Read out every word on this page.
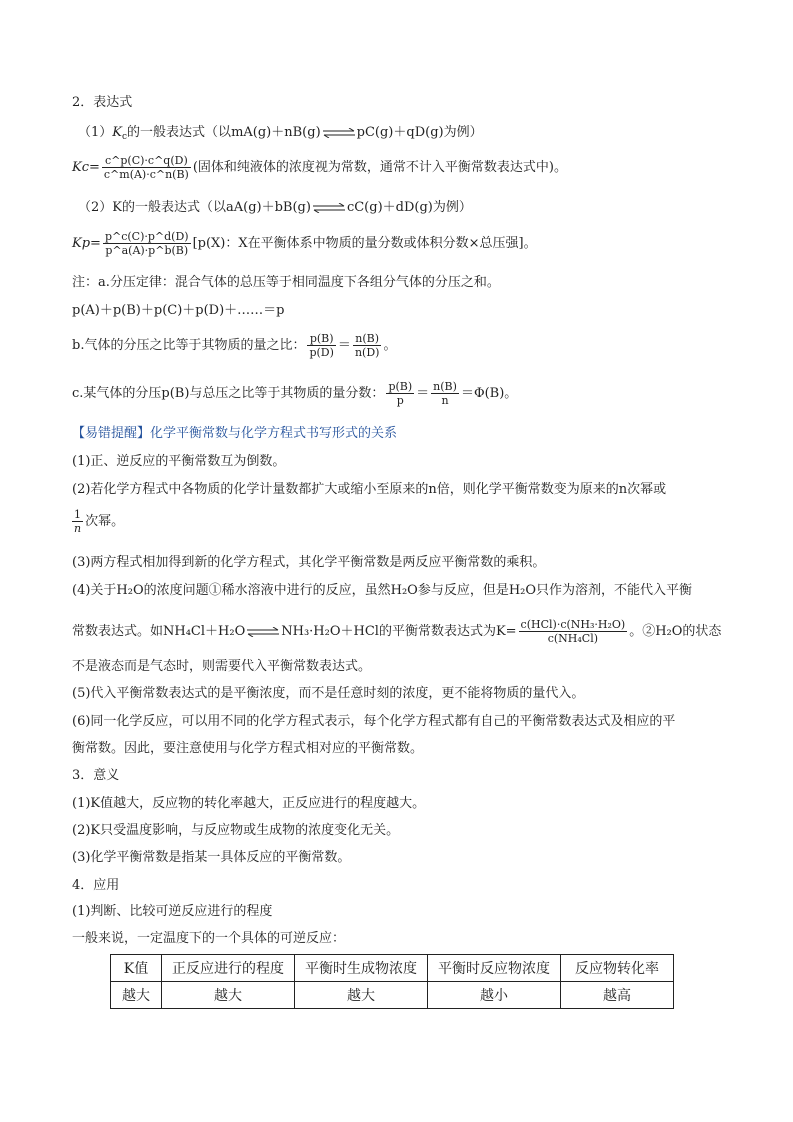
2．表达式
$(1)K_c$的一般表达式（以mA(g)＋nB(g)⇌pC(g)＋qD(g)为例）
$Kc= \frac{c\^{}p(C)\cdot c\^{}q(D)}{c\^{}m(A)\cdot c\^{}n(B)}$ (固体和纯液体的浓度视为常数，通常不计入平衡常数表达式中)。
（2）K的一般表达式（以aA(g)＋bB(g)⇌cC(g)＋dD(g)为例）
$Kp= \frac{p\^{}c(C)\cdot p\^{}d(D)}{p\^{}a(A)\cdot p\^{}b(B)} [p(X)$：X在平衡体系中物质的量分数或体积分数×总压强]。
注：a.分压定律：混合气体的总压等于相同温度下各组分气体的分压之和。
p(A)＋p(B)＋p(C)＋p(D)＋……＝p
b.气体的分压之比等于其物质的量之比： $\frac{p(B)}{p(D)} = \frac{n(B)}{n(D)}$ 。
c.某气体的分压p(B)与总压之比等于其物质的量分数： $\frac{p(B)}{p} = \frac{n(B)}{n} =\Phi(B)$。
【易错提醒】化学平衡常数与化学方程式书写形式的关系
(1)正、逆反应的平衡常数互为倒数。
(2)若化学方程式中各物质的化学计量数都扩大或缩小至原来的n倍，则化学平衡常数变为原来的n次幂或
$\frac{1}{n}$ 次幂。
(3)两方程式相加得到新的化学方程式，其化学平衡常数是两反应平衡常数的乘积。
(4)关于H₂O的浓度问题①稀水溶液中进行的反应，虽然H₂O参与反应，但是H₂O只作为溶剂，不能代入平衡
常数表达式。如NH₄Cl＋H₂O⇌NH₃·H₂O＋HCl的平衡常数表达式为$K= \frac{\text{c(HCl)·c(NH₃·H₂O)}}{\text{c(NH₄Cl)}}$ 。②H₂O的状态
不是液态而是气态时，则需要代入平衡常数表达式。
(5)代入平衡常数表达式的是平衡浓度，而不是任意时刻的浓度，更不能将物质的量代入。
(6)同一化学反应，可以用不同的化学方程式表示，每个化学方程式都有自己的平衡常数表达式及相应的平
衡常数。因此，要注意使用与化学方程式相对应的平衡常数。
3．意义
(1)K值越大，反应物的转化率越大，正反应进行的程度越大。
(2)K只受温度影响，与反应物或生成物的浓度变化无关。
(3)化学平衡常数是指某一具体反应的平衡常数。
4．应用
(1)判断、比较可逆反应进行的程度
一般来说，一定温度下的一个具体的可逆反应：
K值	正反应进行的程度	平衡时生成物浓度	平衡时反应物浓度	反应物转化率
越大	越大	越大	越小	越高
